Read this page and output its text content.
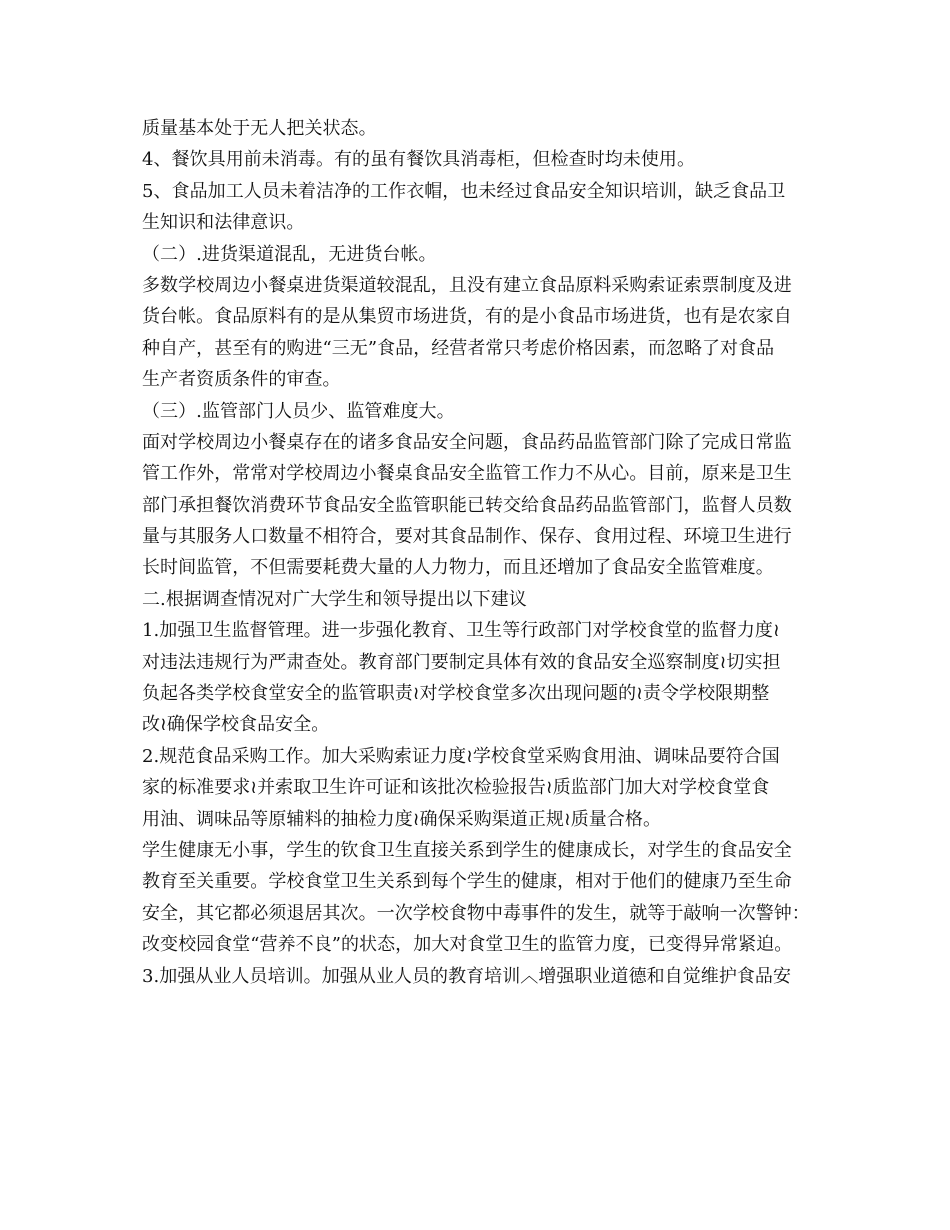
质量基本处于无人把关状态。
4、餐饮具用前未消毒。有的虽有餐饮具消毒柜，但检查时均未使用。
5、食品加工人员未着洁净的工作衣帽，也未经过食品安全知识培训，缺乏食品卫
生知识和法律意识。
（二）.进货渠道混乱，无进货台帐。
多数学校周边小餐桌进货渠道较混乱，且没有建立食品原料采购索证索票制度及进
货台帐。食品原料有的是从集贸市场进货，有的是小食品市场进货，也有是农家自
种自产，甚至有的购进“三无”食品，经营者常只考虑价格因素，而忽略了对食品
生产者资质条件的审查。
（三）.监管部门人员少、监管难度大。
面对学校周边小餐桌存在的诸多食品安全问题，食品药品监管部门除了完成日常监
管工作外，常常对学校周边小餐桌食品安全监管工作力不从心。目前，原来是卫生
部门承担餐饮消费环节食品安全监管职能已转交给食品药品监管部门，监督人员数
量与其服务人口数量不相符合，要对其食品制作、保存、食用过程、环境卫生进行
长时间监管，不但需要耗费大量的人力物力，而且还增加了食品安全监管难度。
二.根据调查情况对广大学生和领导提出以下建议
1.加强卫生监督管理。进一步强化教育、卫生等行政部门对学校食堂的监督力度≀
对违法违规行为严肃查处。教育部门要制定具体有效的食品安全巡察制度≀切实担
负起各类学校食堂安全的监管职责≀对学校食堂多次出现问题的≀责令学校限期整
改≀确保学校食品安全。
2.规范食品采购工作。加大采购索证力度≀学校食堂采购食用油、调味品要符合国
家的标准要求≀并索取卫生许可证和该批次检验报告≀质监部门加大对学校食堂食
用油、调味品等原辅料的抽检力度≀确保采购渠道正规≀质量合格。
学生健康无小事，学生的钦食卫生直接关系到学生的健康成长，对学生的食品安全
教育至关重要。学校食堂卫生关系到每个学生的健康，相对于他们的健康乃至生命
安全，其它都必须退居其次。一次学校食物中毒事件的发生，就等于敲响一次警钟：
改变校园食堂“营养不良”的状态，加大对食堂卫生的监管力度，已变得异常紧迫。
3.加强从业人员培训。加强从业人员的教育培训︿增强职业道德和自觉维护食品安
